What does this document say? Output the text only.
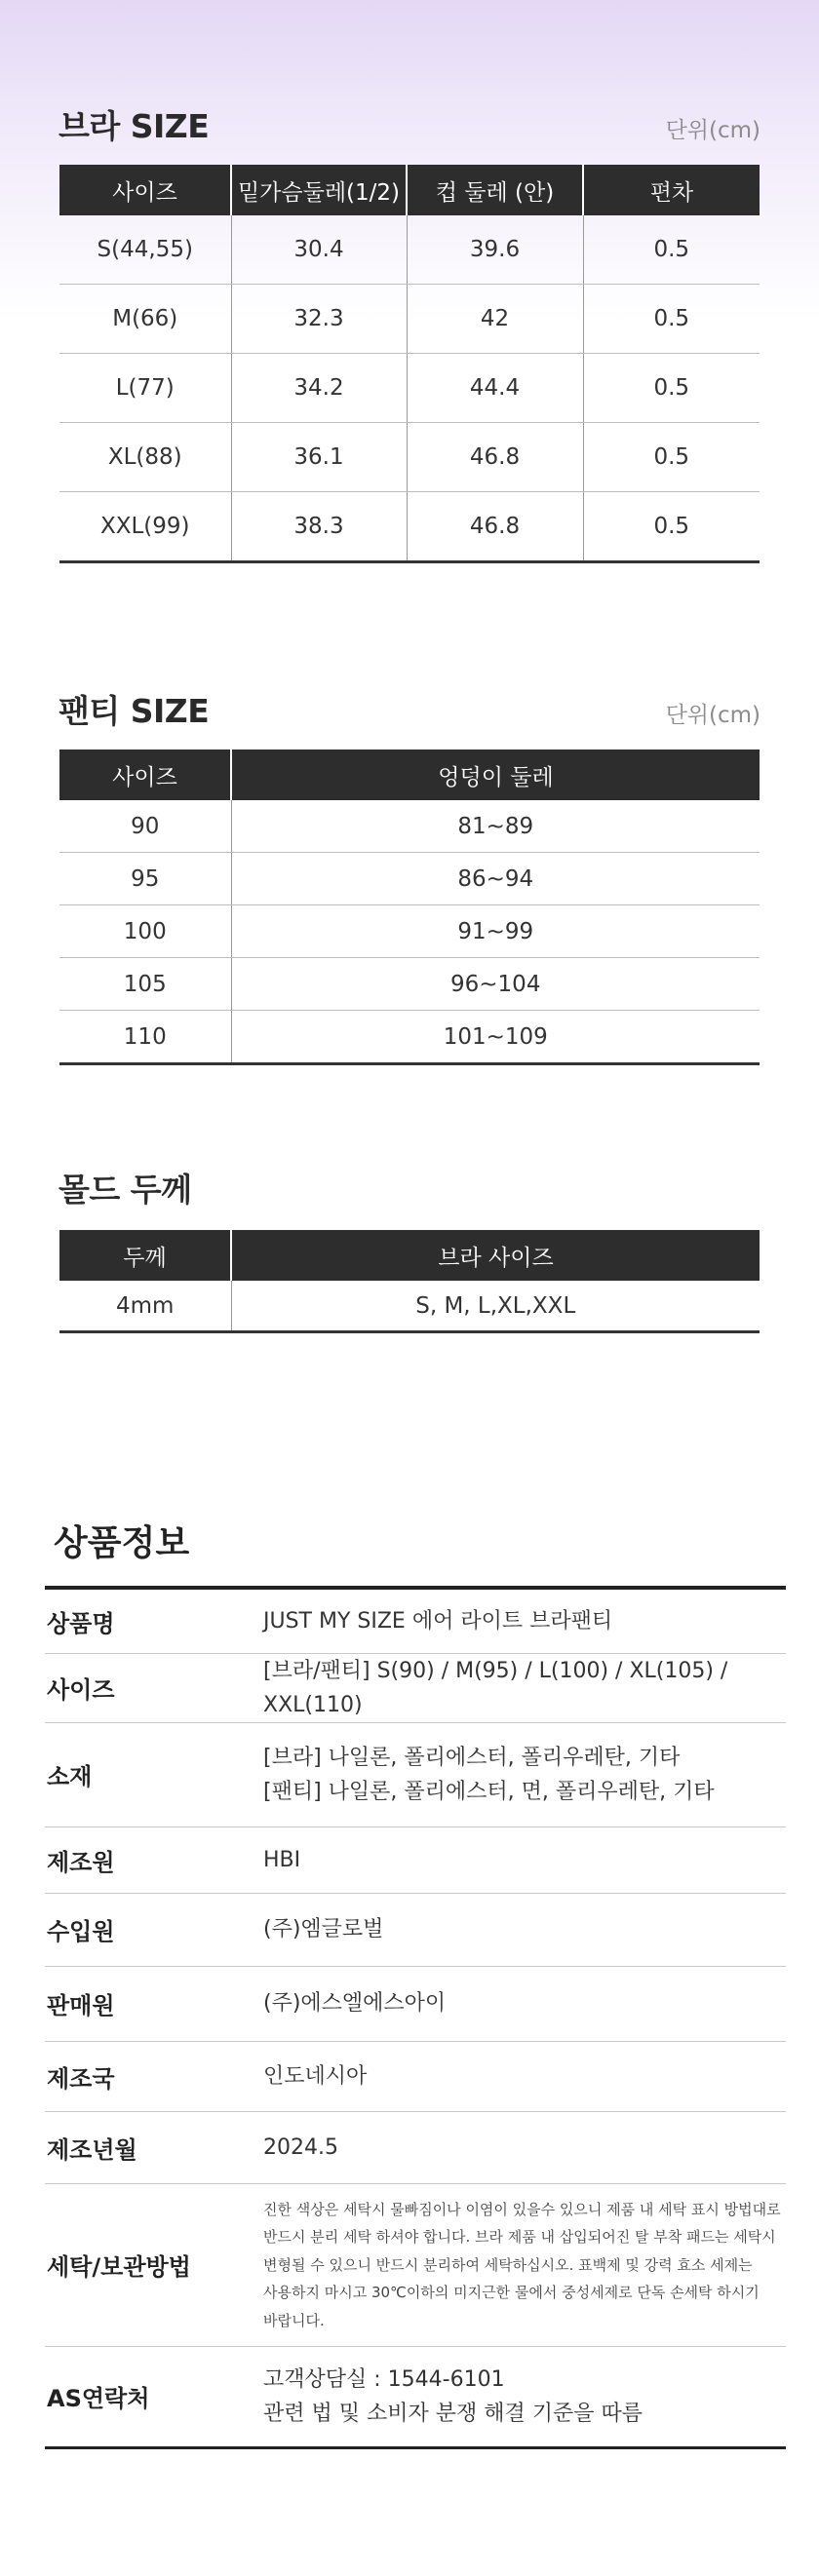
브라 SIZE	단위(cm)
사이즈	밑가슴둘레(1/2)	컵 둘레 (안)	편차
S(44,55)	30.4	39.6	0.5
M(66)	32.3	42	0.5
L(77)	34.2	44.4	0.5
XL(88)	36.1	46.8	0.5
XXL(99)	38.3	46.8	0.5
팬티 SIZE	단위(cm)
사이즈	엉덩이 둘레
90	81~89
95	86~94
100	91~99
105	96~104
110	101~109
몰드 두께
두께	브라 사이즈
4mm	S, M, L,XL,XXL
상품정보
상품명	JUST MY SIZE 에어 라이트 브라팬티

사이즈	[브라/팬티] S(90) / M(95) / L(100) / XL(105) / XXL(110)

소재	[브라] 나일론, 폴리에스터, 폴리우레탄, 기타
[팬티] 나일론, 폴리에스터, 면, 폴리우레탄, 기타

제조원	HBI

수입원	(주)엠글로벌

판매원	(주)에스엘에스아이

제조국	인도네시아

제조년월	2024.5

세탁/보관방법	진한 색상은 세탁시 물빠짐이나 이염이 있을수 있으니 제품 내 세탁 표시 방법대로
반드시 분리 세탁 하셔야 합니다. 브라 제품 내 삽입되어진 탈 부착 패드는 세탁시
변형될 수 있으니 반드시 분리하여 세탁하십시오. 표백제 및 강력 효소 세제는
사용하지 마시고 30℃이하의 미지근한 물에서 중성세제로 단독 손세탁 하시기
바랍니다.

AS연락처	고객상담실 : 1544-6101
관련 법 및 소비자 분쟁 해결 기준을 따름
